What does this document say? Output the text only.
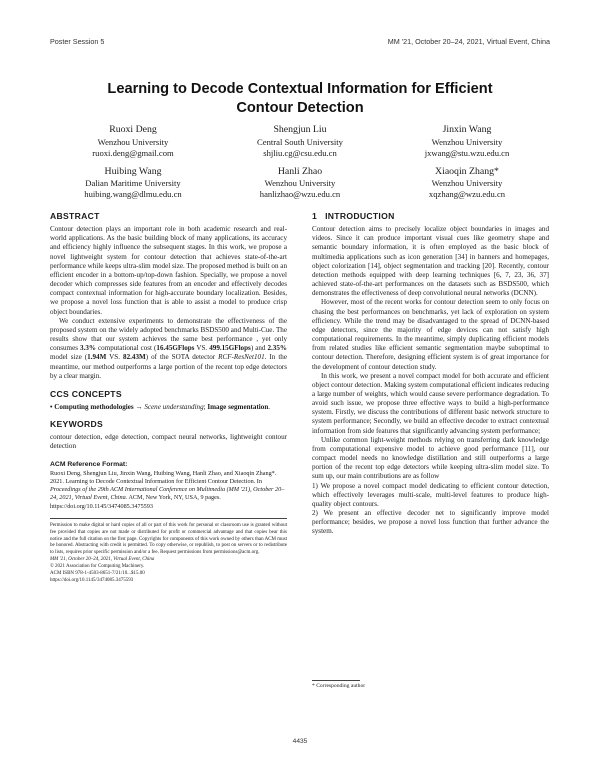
Poster Session 5	MM '21, October 20–24, 2021, Virtual Event, China
Learning to Decode Contextual Information for Efficient
Contour Detection
Ruoxi Deng
Wenzhou University
ruoxi.deng@gmail.com
Shengjun Liu
Central South University
shjliu.cg@csu.edu.cn
Jinxin Wang
Wenzhou University
jxwang@stu.wzu.edu.cn
Huibing Wang
Dalian Maritime University
huibing.wang@dlmu.edu.cn
Hanli Zhao
Wenzhou University
hanlizhao@wzu.edu.cn
Xiaoqin Zhang*
Wenzhou University
xqzhang@wzu.edu.cn
ABSTRACT

Contour detection plays an important role in both academic research and real-world applications. As the basic building block of many applications, its accuracy and efficiency highly influence the subsequent stages. In this work, we propose a novel lightweight system for contour detection that achieves state-of-the-art performance while keeps ultra-slim model size. The proposed method is built on an efficient encoder in a bottom-up/top-down fashion. Specially, we propose a novel decoder which compresses side features from an encoder and effectively decodes compact contextual information for high-accurate boundary localization. Besides, we propose a novel loss function that is able to assist a model to produce crisp object boundaries.

We conduct extensive experiments to demonstrate the effectiveness of the proposed system on the widely adopted benchmarks BSDS500 and Multi-Cue. The results show that our system achieves the same best performance , yet only consumes 3.3% computational cost (16.45GFlops VS. 499.15GFlops) and 2.35% model size (1.94M VS. 82.43M) of the SOTA detector RCF-ResNet101. In the meantime, our method outperforms a large portion of the recent top edge detectors by a clear margin.

CCS CONCEPTS

• Computing methodologies → Scene understanding; Image segmentation.

KEYWORDS

contour detection, edge detection, compact neural networks, lightweight contour detection

ACM Reference Format:

Ruoxi Deng, Shengjun Liu, Jinxin Wang, Huibing Wang, Hanli Zhao, and Xiaoqin Zhang*. 2021. Learning to Decode Contextual Information for Efficient Contour Detection. In Proceedings of the 29th ACM International Conference on Multimedia (MM '21), October 20–24, 2021, Virtual Event, China. ACM, New York, NY, USA, 9 pages. https://doi.org/10.1145/3474085.3475593

Permission to make digital or hard copies of all or part of this work for personal or classroom use is granted without fee provided that copies are not made or distributed for profit or commercial advantage and that copies bear this notice and the full citation on the first page. Copyrights for components of this work owned by others than ACM must be honored. Abstracting with credit is permitted. To copy otherwise, or republish, to post on servers or to redistribute to lists, requires prior specific permission and/or a fee. Request permissions from permissions@acm.org.

MM '21, October 20–24, 2021, Virtual Event, China
© 2021 Association for Computing Machinery.
ACM ISBN 978-1-4503-8651-7/21/10...$15.00
https://doi.org/10.1145/3474085.3475593
1 INTRODUCTION

Contour detection aims to precisely localize object boundaries in images and videos. Since it can produce important visual cues like geometry shape and semantic boundary information, it is often employed as the basic block of multimedia applications such as icon generation [34] in banners and homepages, object colorization [14], object segmentation and tracking [20]. Recently, contour detection methods equipped with deep learning techniques [6, 7, 23, 36, 37] achieved state-of-the-art performances on the datasets such as BSDS500, which demonstrates the effectiveness of deep convolutional neural networks (DCNN).

However, most of the recent works for contour detection seem to only focus on chasing the best performances on benchmarks, yet lack of exploration on system efficiency. While the trend may be disadvantaged to the spread of DCNN-based edge detectors, since the majority of edge devices can not satisfy high computational requirements. In the meantime, simply duplicating efficient models from related studies like efficient semantic segmentation maybe suboptimal to contour detection. Therefore, designing efficient system is of great importance for the development of contour detection study.

In this work, we present a novel compact model for both accurate and efficient object contour detection. Making system computational efficient indicates reducing a large number of weights, which would cause severe performance degradation. To avoid such issue, we propose three effective ways to build a high-performance system. Firstly, we discuss the contributions of different basic network structure to system performance; Secondly, we build an effective decoder to extract contextual information from side features that significantly advancing system performance;

Unlike common light-weight methods relying on transferring dark knowledge from computational expensive model to achieve good performance [11], our compact model needs no knowledge distillation and still outperforms a large portion of the recent top edge detectors while keeping ultra-slim model size. To sum up, our main contributions are as follow

1) We propose a novel compact model dedicating to efficient contour detection, which effectively leverages multi-scale, multi-level features to produce high-quality object contours.

2) We present an effective decoder net to significantly improve model performance; besides, we propose a novel loss function that further advance the system.

* Corresponding author
4435
